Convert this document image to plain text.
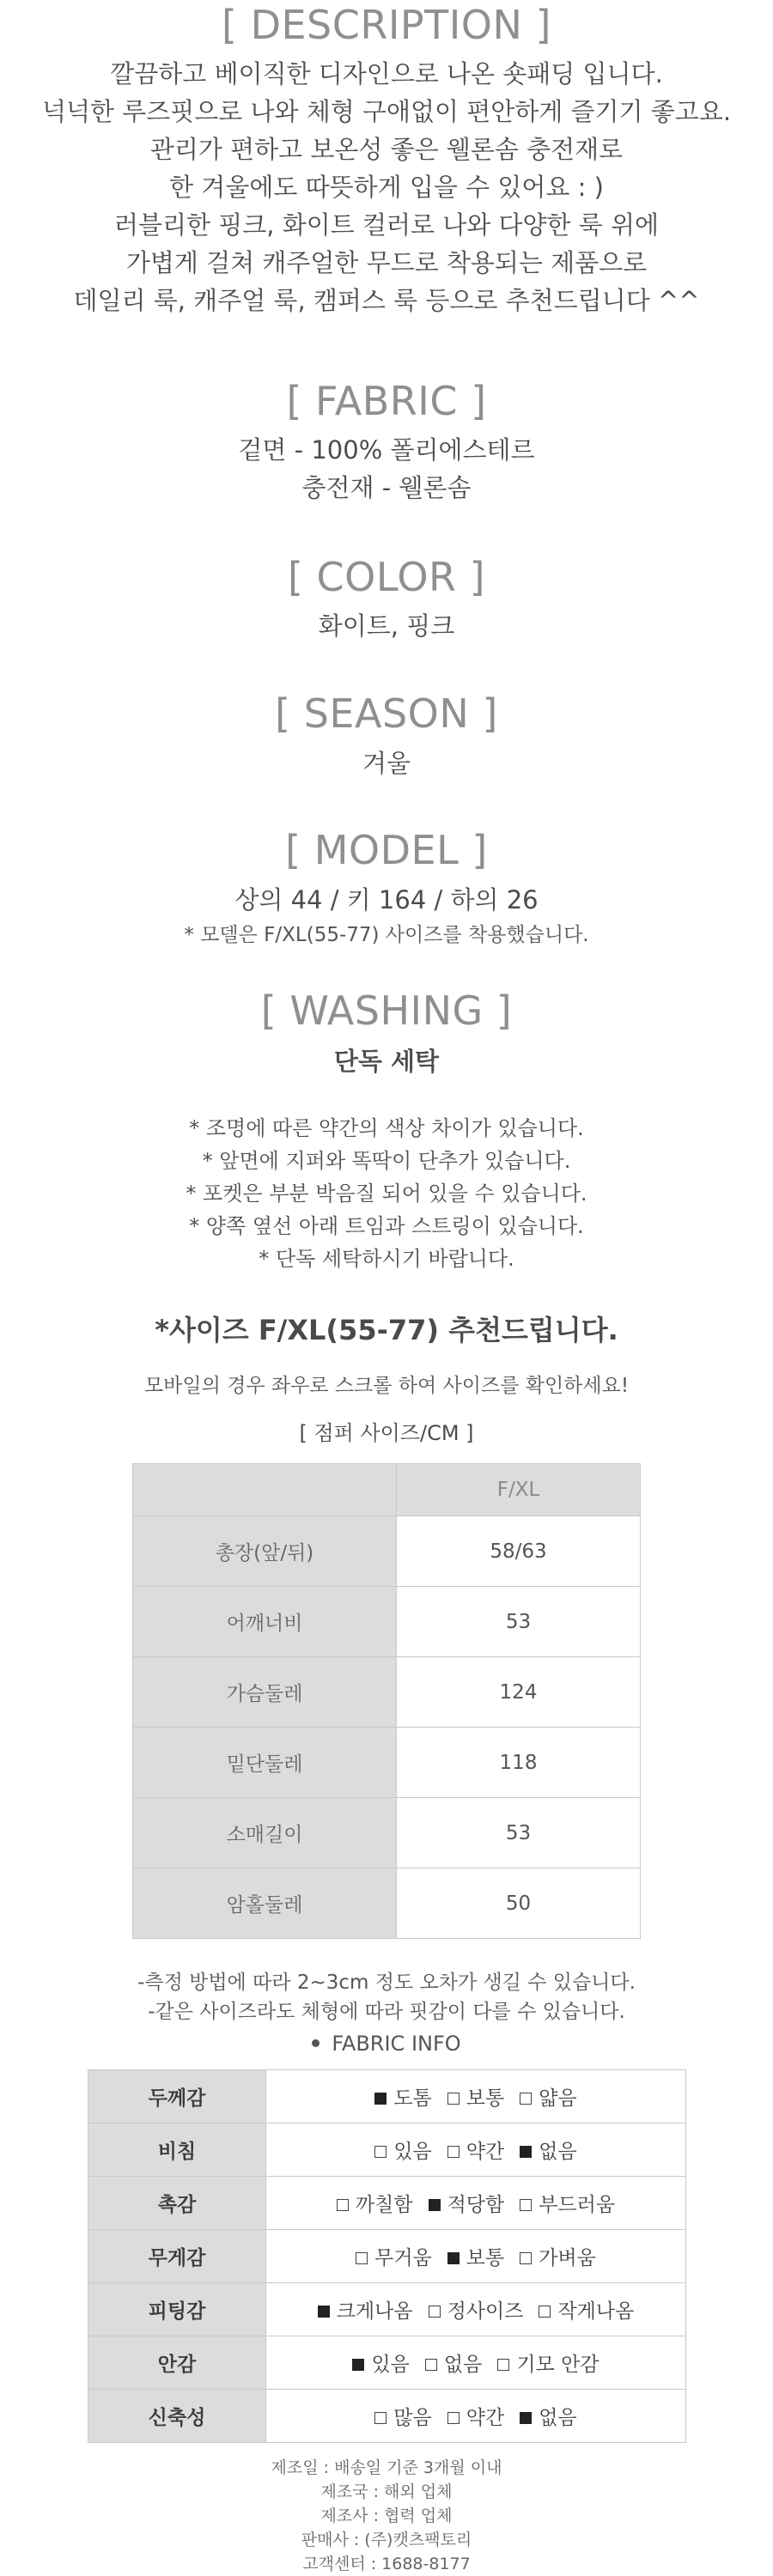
[ DESCRIPTION ]
깔끔하고 베이직한 디자인으로 나온 숏패딩 입니다.
넉넉한 루즈핏으로 나와 체형 구애없이 편안하게 즐기기 좋고요.
관리가 편하고 보온성 좋은 웰론솜 충전재로
한 겨울에도 따뜻하게 입을 수 있어요 : )
러블리한 핑크, 화이트 컬러로 나와 다양한 룩 위에
가볍게 걸쳐 캐주얼한 무드로 착용되는 제품으로
데일리 룩, 캐주얼 룩, 캠퍼스 룩 등으로 추천드립니다 ^^
[ FABRIC ]
겉면 - 100% 폴리에스테르
충전재 - 웰론솜
[ COLOR ]
화이트, 핑크
[ SEASON ]
겨울
[ MODEL ]
상의 44 / 키 164 / 하의 26
* 모델은 F/XL(55-77) 사이즈를 착용했습니다.
[ WASHING ]
단독 세탁
* 조명에 따른 약간의 색상 차이가 있습니다.
* 앞면에 지퍼와 똑딱이 단추가 있습니다.
* 포켓은 부분 박음질 되어 있을 수 있습니다.
* 양쪽 옆선 아래 트임과 스트링이 있습니다.
* 단독 세탁하시기 바랍니다.
*사이즈 F/XL(55-77) 추천드립니다.
모바일의 경우 좌우로 스크롤 하여 사이즈를 확인하세요!
[ 점퍼 사이즈/CM ]
	F/XL
총장(앞/뒤)	58/63
어깨너비	53
가슴둘레	124
밑단둘레	118
소매길이	53
암홀둘레	50
-측정 방법에 따라 2~3cm 정도 오차가 생길 수 있습니다.
-같은 사이즈라도 체형에 따라 핏감이 다를 수 있습니다.
FABRIC INFO
두께감	도톰 보통 얇음
비침	있음 약간 없음
촉감	까칠함 적당함 부드러움
무게감	무거움 보통 가벼움
피팅감	크게나옴 정사이즈 작게나옴
안감	있음 없음 기모 안감
신축성	많음 약간 없음
제조일 : 배송일 기준 3개월 이내
제조국 : 해외 업체
제조사 : 협력 업체
판매사 : (주)캣츠팩토리
고객센터 : 1688-8177
